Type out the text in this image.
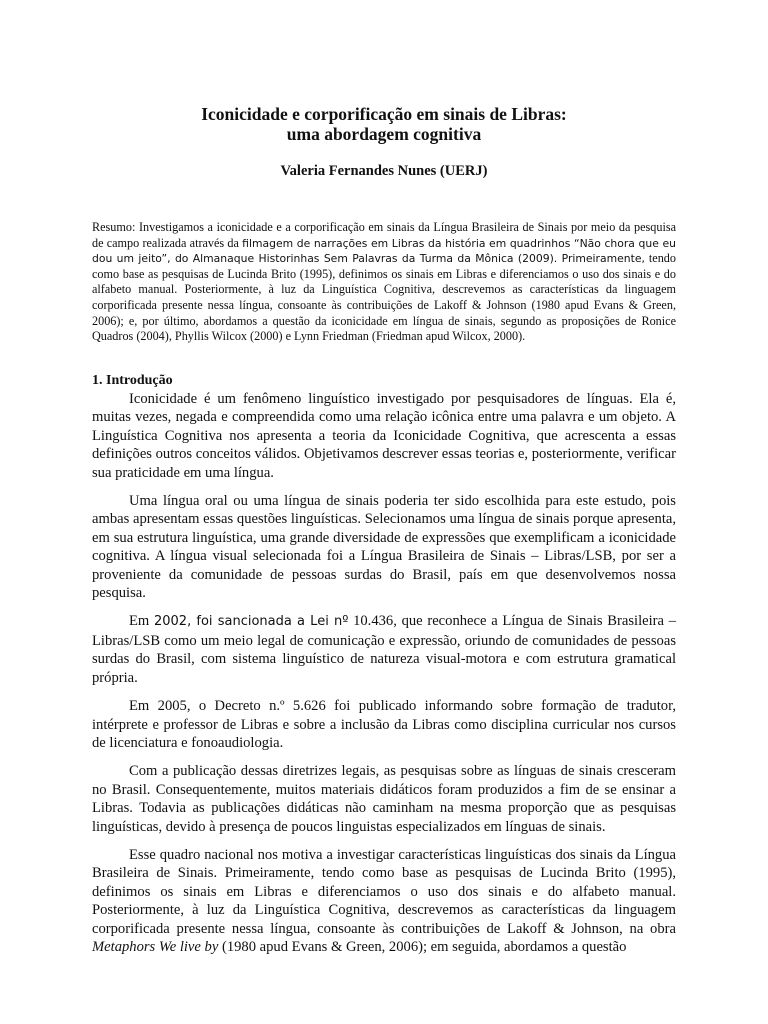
Iconicidade e corporificação em sinais de Libras:
uma abordagem cognitiva
Valeria Fernandes Nunes (UERJ)
Resumo: Investigamos a iconicidade e a corporificação em sinais da Língua Brasileira de Sinais por meio da pesquisa de campo realizada através da filmagem de narrações em Libras da história em quadrinhos “Não chora que eu dou um jeito”, do Almanaque Historinhas Sem Palavras da Turma da Mônica (2009). Primeiramente, tendo como base as pesquisas de Lucinda Brito (1995), definimos os sinais em Libras e diferenciamos o uso dos sinais e do alfabeto manual. Posteriormente, à luz da Linguística Cognitiva, descrevemos as características da linguagem corporificada presente nessa língua, consoante às contribuições de Lakoff & Johnson (1980 apud Evans & Green, 2006); e, por último, abordamos a questão da iconicidade em língua de sinais, segundo as proposições de Ronice Quadros (2004), Phyllis Wilcox (2000) e Lynn Friedman (Friedman apud Wilcox, 2000).
1. Introdução

Iconicidade é um fenômeno linguístico investigado por pesquisadores de línguas. Ela é, muitas vezes, negada e compreendida como uma relação icônica entre uma palavra e um objeto. A Linguística Cognitiva nos apresenta a teoria da Iconicidade Cognitiva, que acrescenta a essas definições outros conceitos válidos. Objetivamos descrever essas teorias e, posteriormente, verificar sua praticidade em uma língua.

Uma língua oral ou uma língua de sinais poderia ter sido escolhida para este estudo, pois ambas apresentam essas questões linguísticas. Selecionamos uma língua de sinais porque apresenta, em sua estrutura linguística, uma grande diversidade de expressões que exemplificam a iconicidade cognitiva. A língua visual selecionada foi a Língua Brasileira de Sinais – Libras/LSB, por ser a proveniente da comunidade de pessoas surdas do Brasil, país em que desenvolvemos nossa pesquisa.

Em 2002, foi sancionada a Lei nº 10.436, que reconhece a Língua de Sinais Brasileira – Libras/LSB como um meio legal de comunicação e expressão, oriundo de comunidades de pessoas surdas do Brasil, com sistema linguístico de natureza visual-motora e com estrutura gramatical própria.

Em 2005, o Decreto n.º 5.626 foi publicado informando sobre formação de tradutor, intérprete e professor de Libras e sobre a inclusão da Libras como disciplina curricular nos cursos de licenciatura e fonoaudiologia.

Com a publicação dessas diretrizes legais, as pesquisas sobre as línguas de sinais cresceram no Brasil. Consequentemente, muitos materiais didáticos foram produzidos a fim de se ensinar a Libras. Todavia as publicações didáticas não caminham na mesma proporção que as pesquisas linguísticas, devido à presença de poucos linguistas especializados em línguas de sinais.

Esse quadro nacional nos motiva a investigar características linguísticas dos sinais da Língua Brasileira de Sinais. Primeiramente, tendo como base as pesquisas de Lucinda Brito (1995), definimos os sinais em Libras e diferenciamos o uso dos sinais e do alfabeto manual. Posteriormente, à luz da Linguística Cognitiva, descrevemos as características da linguagem corporificada presente nessa língua, consoante às contribuições de Lakoff & Johnson, na obra Metaphors We live by (1980 apud Evans & Green, 2006); em seguida, abordamos a questão
